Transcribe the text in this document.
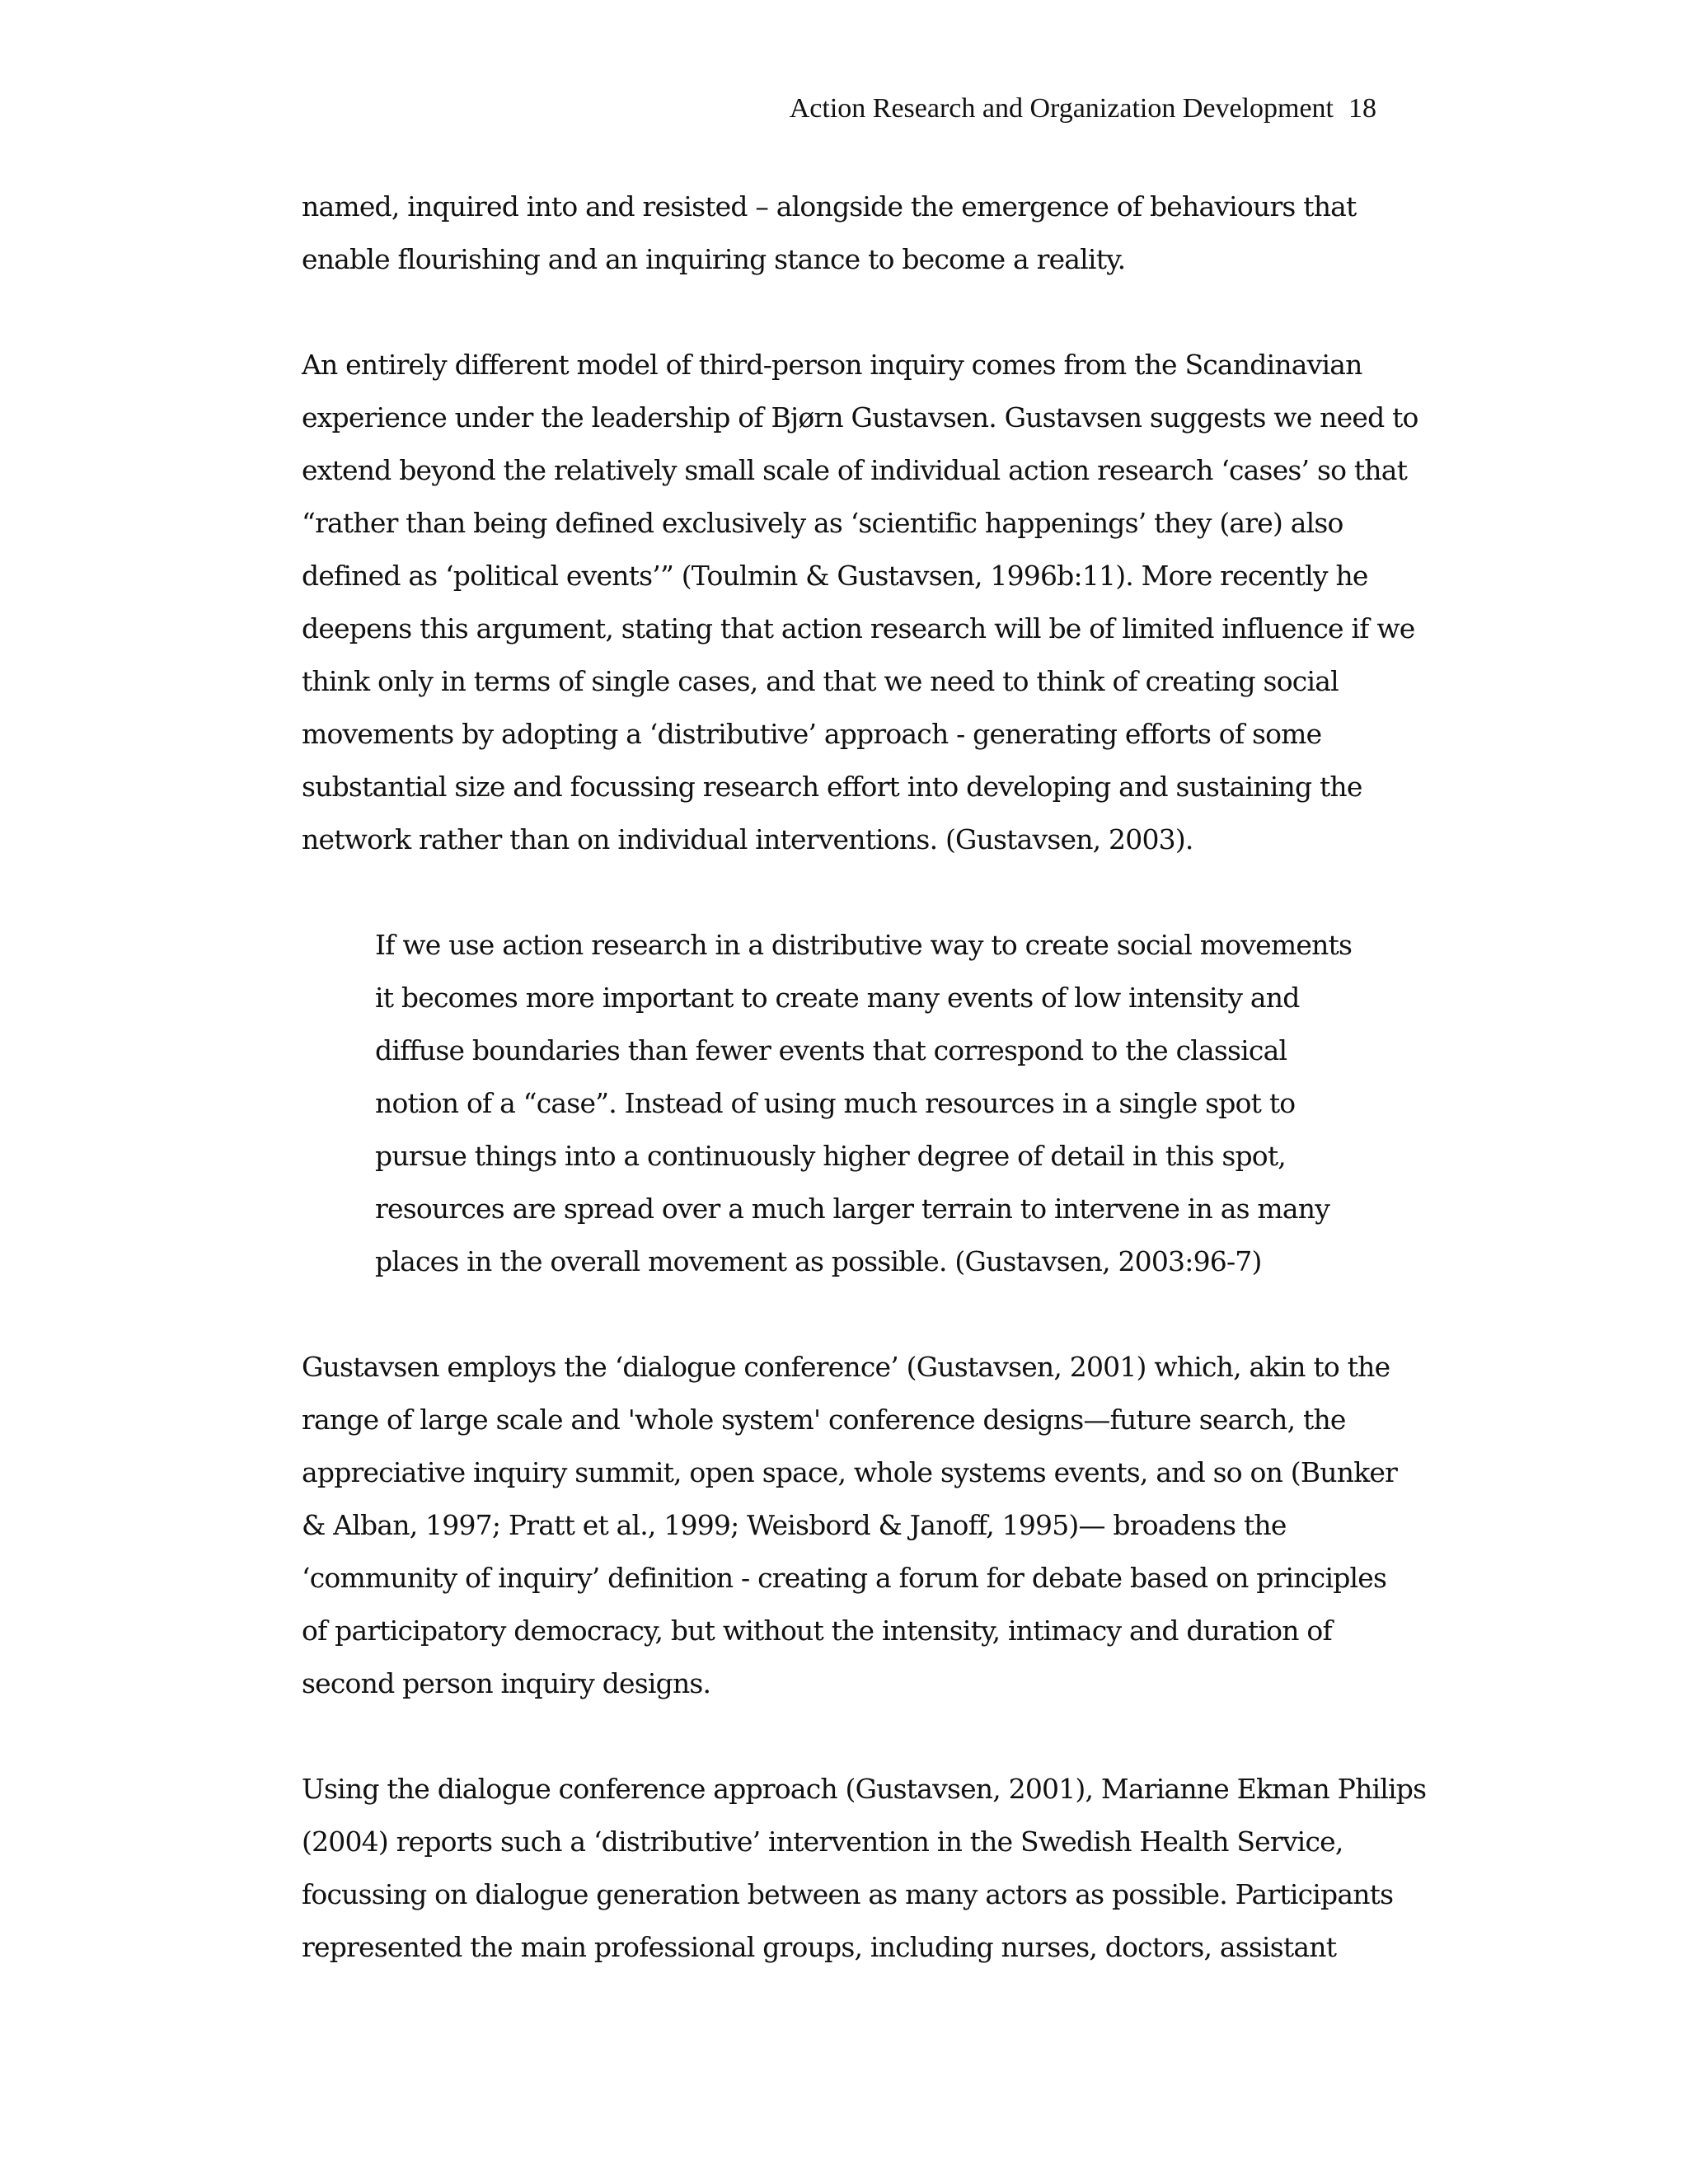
Action Research and Organization Development 18
named, inquired into and resisted – alongside the emergence of behaviours that
enable flourishing and an inquiring stance to become a reality.
An entirely different model of third-person inquiry comes from the Scandinavian
experience under the leadership of Bjørn Gustavsen. Gustavsen suggests we need to
extend beyond the relatively small scale of individual action research ‘cases’ so that
“rather than being defined exclusively as ‘scientific happenings’ they (are) also
defined as ‘political events’” (Toulmin & Gustavsen, 1996b:11). More recently he
deepens this argument, stating that action research will be of limited influence if we
think only in terms of single cases, and that we need to think of creating social
movements by adopting a ‘distributive’ approach - generating efforts of some
substantial size and focussing research effort into developing and sustaining the
network rather than on individual interventions. (Gustavsen, 2003).
If we use action research in a distributive way to create social movements
it becomes more important to create many events of low intensity and
diffuse boundaries than fewer events that correspond to the classical
notion of a “case”. Instead of using much resources in a single spot to
pursue things into a continuously higher degree of detail in this spot,
resources are spread over a much larger terrain to intervene in as many
places in the overall movement as possible. (Gustavsen, 2003:96-7)
Gustavsen employs the ‘dialogue conference’ (Gustavsen, 2001) which, akin to the
range of large scale and 'whole system' conference designs—future search, the
appreciative inquiry summit, open space, whole systems events, and so on (Bunker
& Alban, 1997; Pratt et al., 1999; Weisbord & Janoff, 1995)— broadens the
‘community of inquiry’ definition - creating a forum for debate based on principles
of participatory democracy, but without the intensity, intimacy and duration of
second person inquiry designs.
Using the dialogue conference approach (Gustavsen, 2001), Marianne Ekman Philips
(2004) reports such a ‘distributive’ intervention in the Swedish Health Service,
focussing on dialogue generation between as many actors as possible. Participants
represented the main professional groups, including nurses, doctors, assistant
